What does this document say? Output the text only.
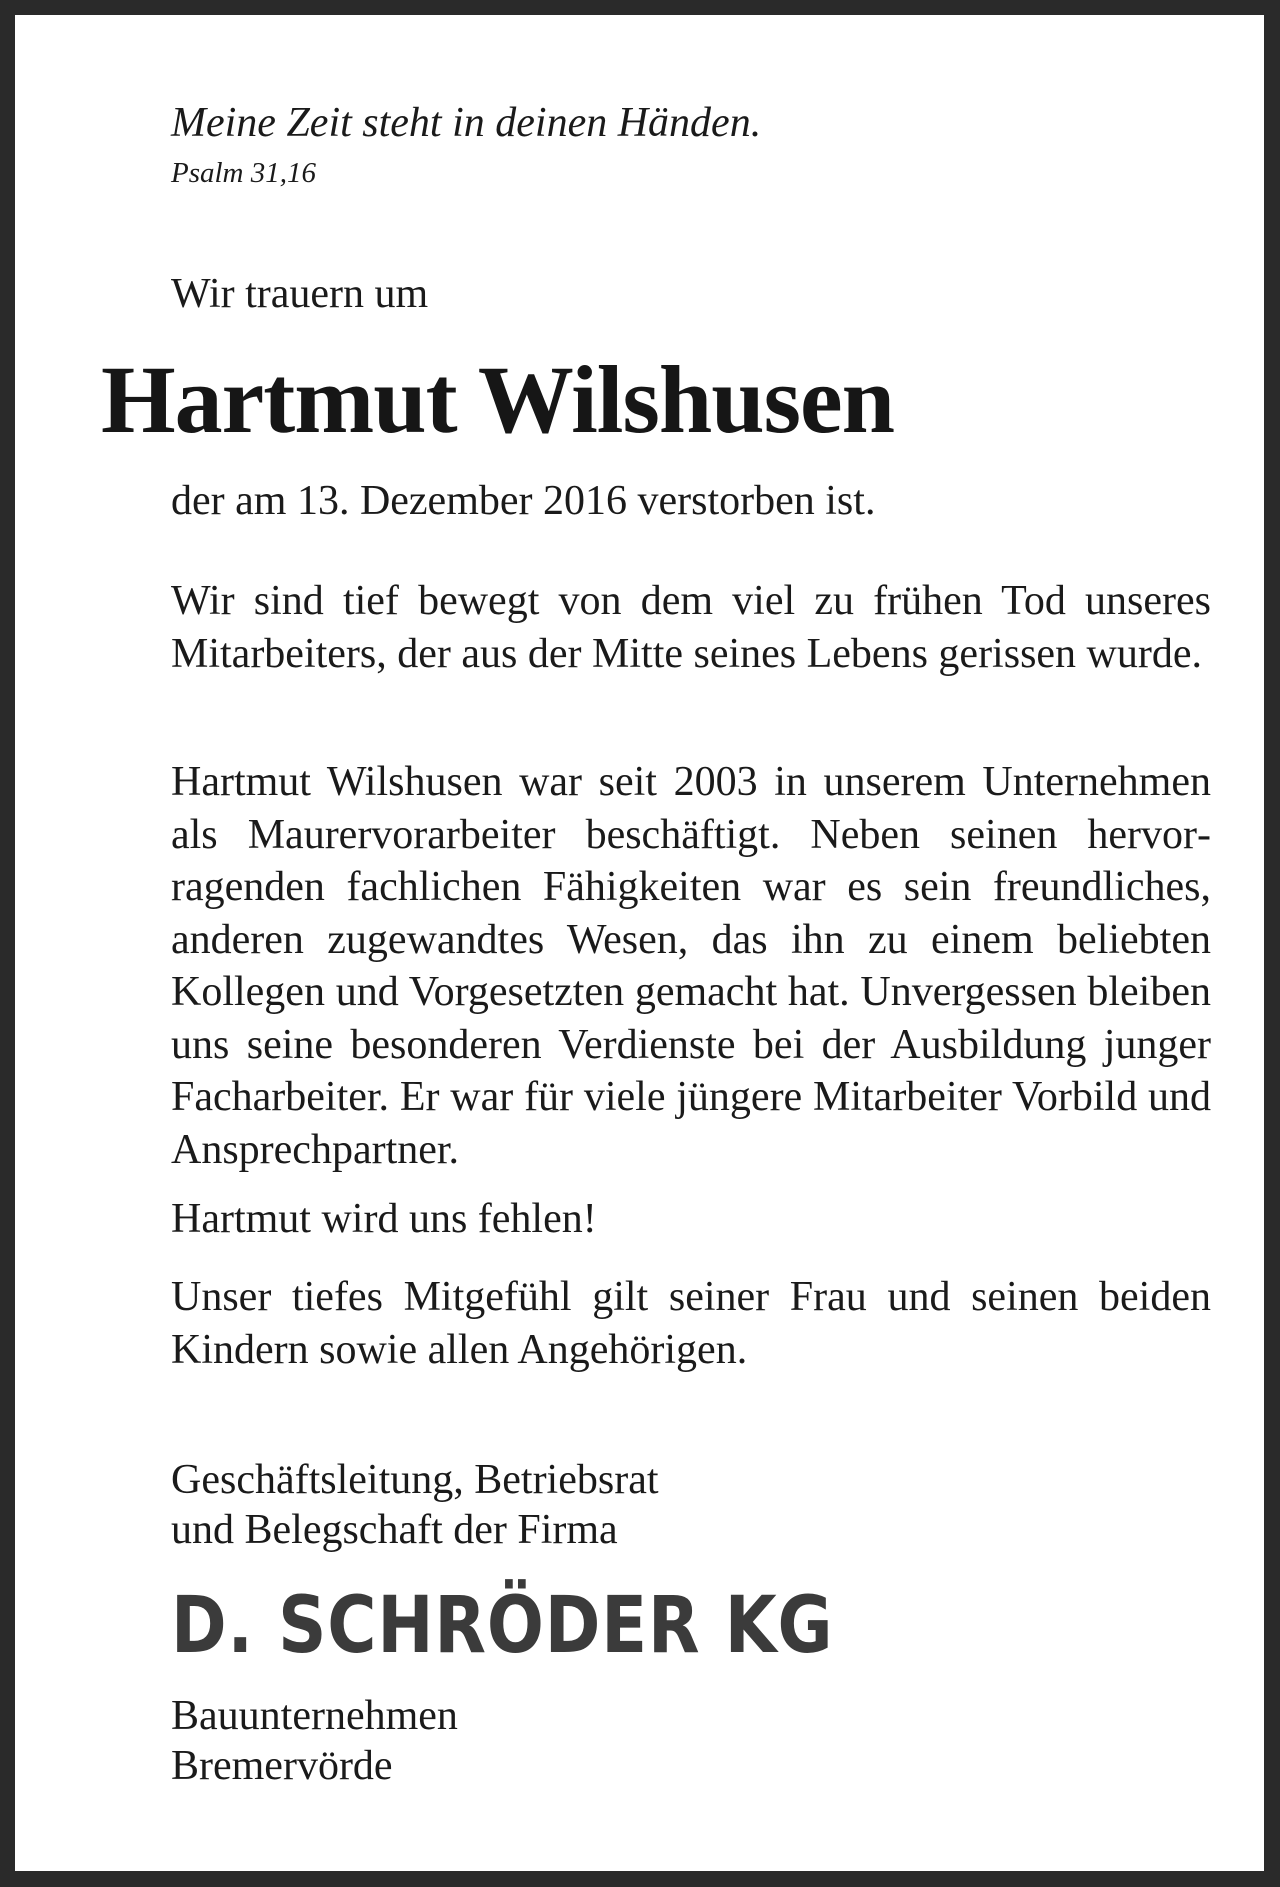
Meine Zeit steht in deinen Händen.
Psalm 31,16
Wir trauern um
Hartmut Wilshusen
der am 13. Dezember 2016 verstorben ist.

Wir sind tief bewegt von dem viel zu frühen Tod unseres Mitarbeiters, der aus der Mitte seines Lebens gerissen wurde.

Hartmut Wilshusen war seit 2003 in unserem Unternehmen als Maurervorarbeiter beschäftigt. Neben seinen hervorragenden fachlichen Fähigkeiten war es sein freundliches, anderen zugewandtes Wesen, das ihn zu einem beliebten Kollegen und Vorgesetzten gemacht hat. Unvergessen bleiben uns seine besonderen Verdienste bei der Ausbildung junger Facharbeiter. Er war für viele jüngere Mitarbeiter Vorbild und Ansprechpartner.

Hartmut wird uns fehlen!

Unser tiefes Mitgefühl gilt seiner Frau und seinen beiden Kindern sowie allen Angehörigen.

Geschäftsleitung, Betriebsrat
und Belegschaft der Firma
D. SCHRÖDER KG
Bauunternehmen
Bremervörde
